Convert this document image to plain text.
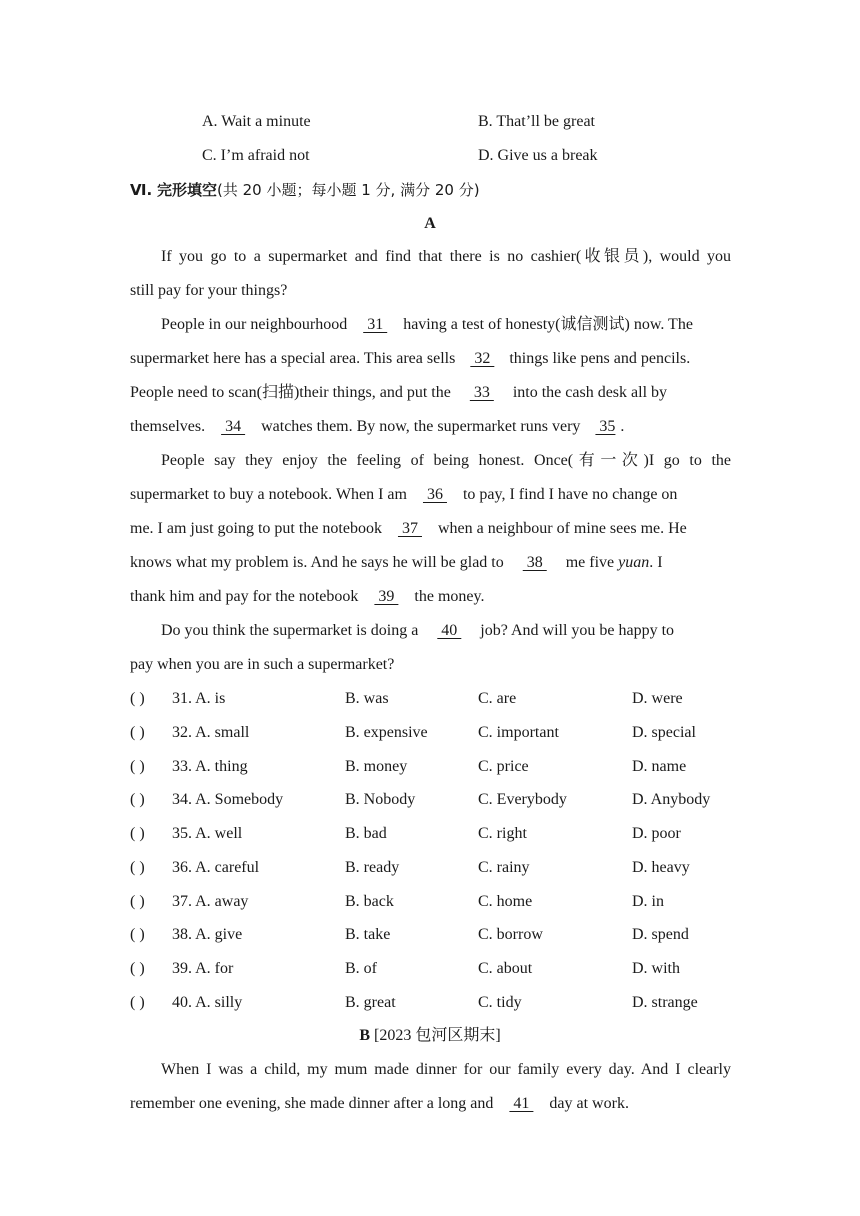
A. Wait a minute	B. That’ll be great
C. I’m afraid not	D. Give us a break
Ⅵ. 完形填空(共 20 小题；每小题 1 分, 满分 20 分)
A
If you go to a supermarket and find that there is no cashier(收银员), would you
still pay for your things?
People in our neighbourhood  31  having a test of honesty(诚信测试) now. The
supermarket here has a special area. This area sells  32  things like pens and pencils.
People need to scan(扫描)their things, and put the  33  into the cash desk all by
themselves.  34  watches them. By now, the supermarket runs very  35 .
People say they enjoy the feeling of being honest. Once(有一次)I go to the
supermarket to buy a notebook. When I am  36  to pay, I find I have no change on
me. I am just going to put the notebook  37  when a neighbour of mine sees me. He
knows what my problem is. And he says he will be glad to  38  me five yuan. I
thank him and pay for the notebook  39  the money.
Do you think the supermarket is doing a  40  job? And will you be happy to
pay when you are in such a supermarket?
( ) 31. A. is	B. was	C. are	D. were
( ) 32. A. small	B. expensive	C. important	D. special
( ) 33. A. thing	B. money	C. price	D. name
( ) 34. A. Somebody	B. Nobody	C. Everybody	D. Anybody
( ) 35. A. well	B. bad	C. right	D. poor
( ) 36. A. careful	B. ready	C. rainy	D. heavy
( ) 37. A. away	B. back	C. home	D. in
( ) 38. A. give	B. take	C. borrow	D. spend
( ) 39. A. for	B. of	C. about	D. with
( ) 40. A. silly	B. great	C. tidy	D. strange
B [2023 包河区期末]
When I was a child, my mum made dinner for our family every day. And I clearly
remember one evening, she made dinner after a long and  41  day at work.
